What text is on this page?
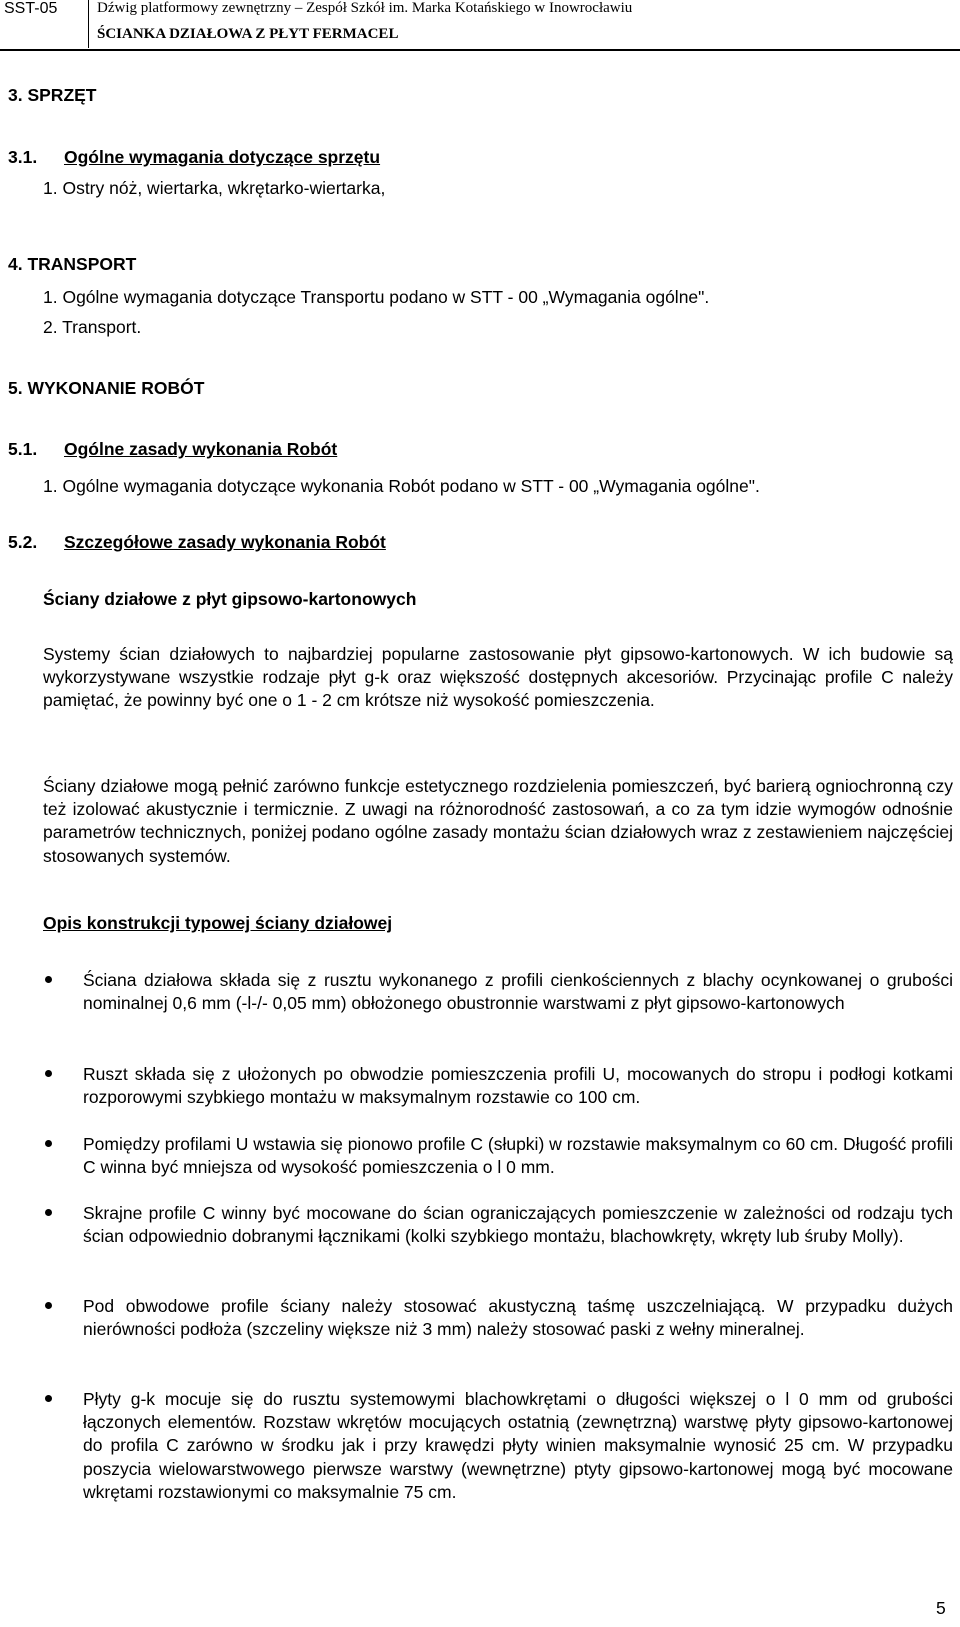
SST-05	Dźwig platformowy zewnętrzny – Zespół Szkół im. Marka Kotańskiego w Inowrocławiu
ŚCIANKA DZIAŁOWA Z PŁYT FERMACEL
3. SPRZĘT
3.1. Ogólne wymagania dotyczące sprzętu
1. Ostry nóż, wiertarka, wkrętarko-wiertarka,
4. TRANSPORT
1. Ogólne wymagania dotyczące Transportu podano w STT - 00 „Wymagania ogólne".
2. Transport.
5. WYKONANIE ROBÓT
5.1. Ogólne zasady wykonania Robót
1. Ogólne wymagania dotyczące wykonania Robót podano w STT - 00 „Wymagania ogólne".
5.2. Szczegółowe zasady wykonania Robót
Ściany działowe z płyt gipsowo-kartonowych
Systemy ścian działowych to najbardziej popularne zastosowanie płyt gipsowo-kartonowych. W ich budowie są wykorzystywane wszystkie rodzaje płyt g-k oraz większość dostępnych akcesoriów. Przycinając profile C należy pamiętać, że powinny być one o 1 - 2 cm krótsze niż wysokość pomieszczenia.
Ściany działowe mogą pełnić zarówno funkcje estetycznego rozdzielenia pomieszczeń, być barierą ogniochronną czy też izolować akustycznie i termicznie. Z uwagi na różnorodność zastosowań, a co za tym idzie wymogów odnośnie parametrów technicznych, poniżej podano ogólne zasady montażu ścian działowych wraz z zestawieniem najczęściej stosowanych systemów.
Opis konstrukcji typowej ściany działowej
Ściana działowa składa się z rusztu wykonanego z profili cienkościennych z blachy ocynkowanej o grubości nominalnej 0,6 mm (-l-/- 0,05 mm) obłożonego obustronnie warstwami z płyt gipsowo-kartonowych
Ruszt składa się z ułożonych po obwodzie pomieszczenia profili U, mocowanych do stropu i podłogi kotkami rozporowymi szybkiego montażu w maksymalnym rozstawie co 100 cm.
Pomiędzy profilami U wstawia się pionowo profile C (słupki) w rozstawie maksymalnym co 60 cm. Długość profili C winna być mniejsza od wysokość pomieszczenia o l 0 mm.
Skrajne profile C winny być mocowane do ścian ograniczających pomieszczenie w zależności od rodzaju tych ścian odpowiednio dobranymi łącznikami (kolki szybkiego montażu, blachowkręty, wkręty lub śruby Molly).
Pod obwodowe profile ściany należy stosować akustyczną taśmę uszczelniającą. W przypadku dużych nierówności podłoża (szczeliny większe niż 3 mm) należy stosować paski z wełny mineralnej.
Płyty g-k mocuje się do rusztu systemowymi blachowkrętami o długości większej o l 0 mm od grubości łączonych elementów. Rozstaw wkrętów mocujących ostatnią (zewnętrzną) warstwę płyty gipsowo-kartonowej do profila C zarówno w środku jak i przy krawędzi płyty winien maksymalnie wynosić 25 cm. W przypadku poszycia wielowarstwowego pierwsze warstwy (wewnętrzne) ptyty gipsowo-kartonowej mogą być mocowane wkrętami rozstawionymi co maksymalnie 75 cm.
5
